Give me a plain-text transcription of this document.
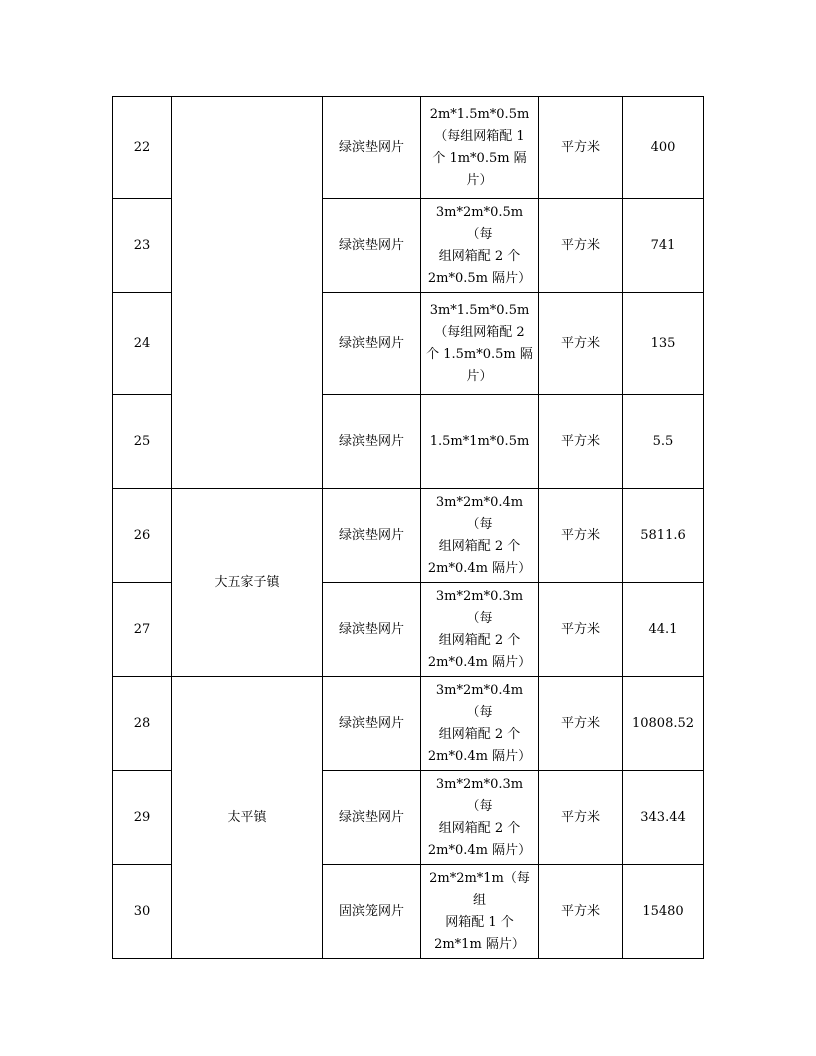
22		绿滨垫网片	2m*1.5m*0.5m
（每组网箱配 1
个 1m*0.5m 隔
片）	平方米	400
23		绿滨垫网片	3m*2m*0.5m（每
组网箱配 2 个
2m*0.5m 隔片）	平方米	741
24		绿滨垫网片	3m*1.5m*0.5m
（每组网箱配 2
个 1.5m*0.5m 隔
片）	平方米	135
25		绿滨垫网片	1.5m*1m*0.5m	平方米	5.5
26	大五家子镇	绿滨垫网片	3m*2m*0.4m（每
组网箱配 2 个
2m*0.4m 隔片）	平方米	5811.6
27		绿滨垫网片	3m*2m*0.3m（每
组网箱配 2 个
2m*0.4m 隔片）	平方米	44.1
28	太平镇	绿滨垫网片	3m*2m*0.4m（每
组网箱配 2 个
2m*0.4m 隔片）	平方米	10808.52
29		绿滨垫网片	3m*2m*0.3m（每
组网箱配 2 个
2m*0.4m 隔片）	平方米	343.44
30		固滨笼网片	2m*2m*1m（每组
网箱配 1 个
2m*1m 隔片）	平方米	15480
